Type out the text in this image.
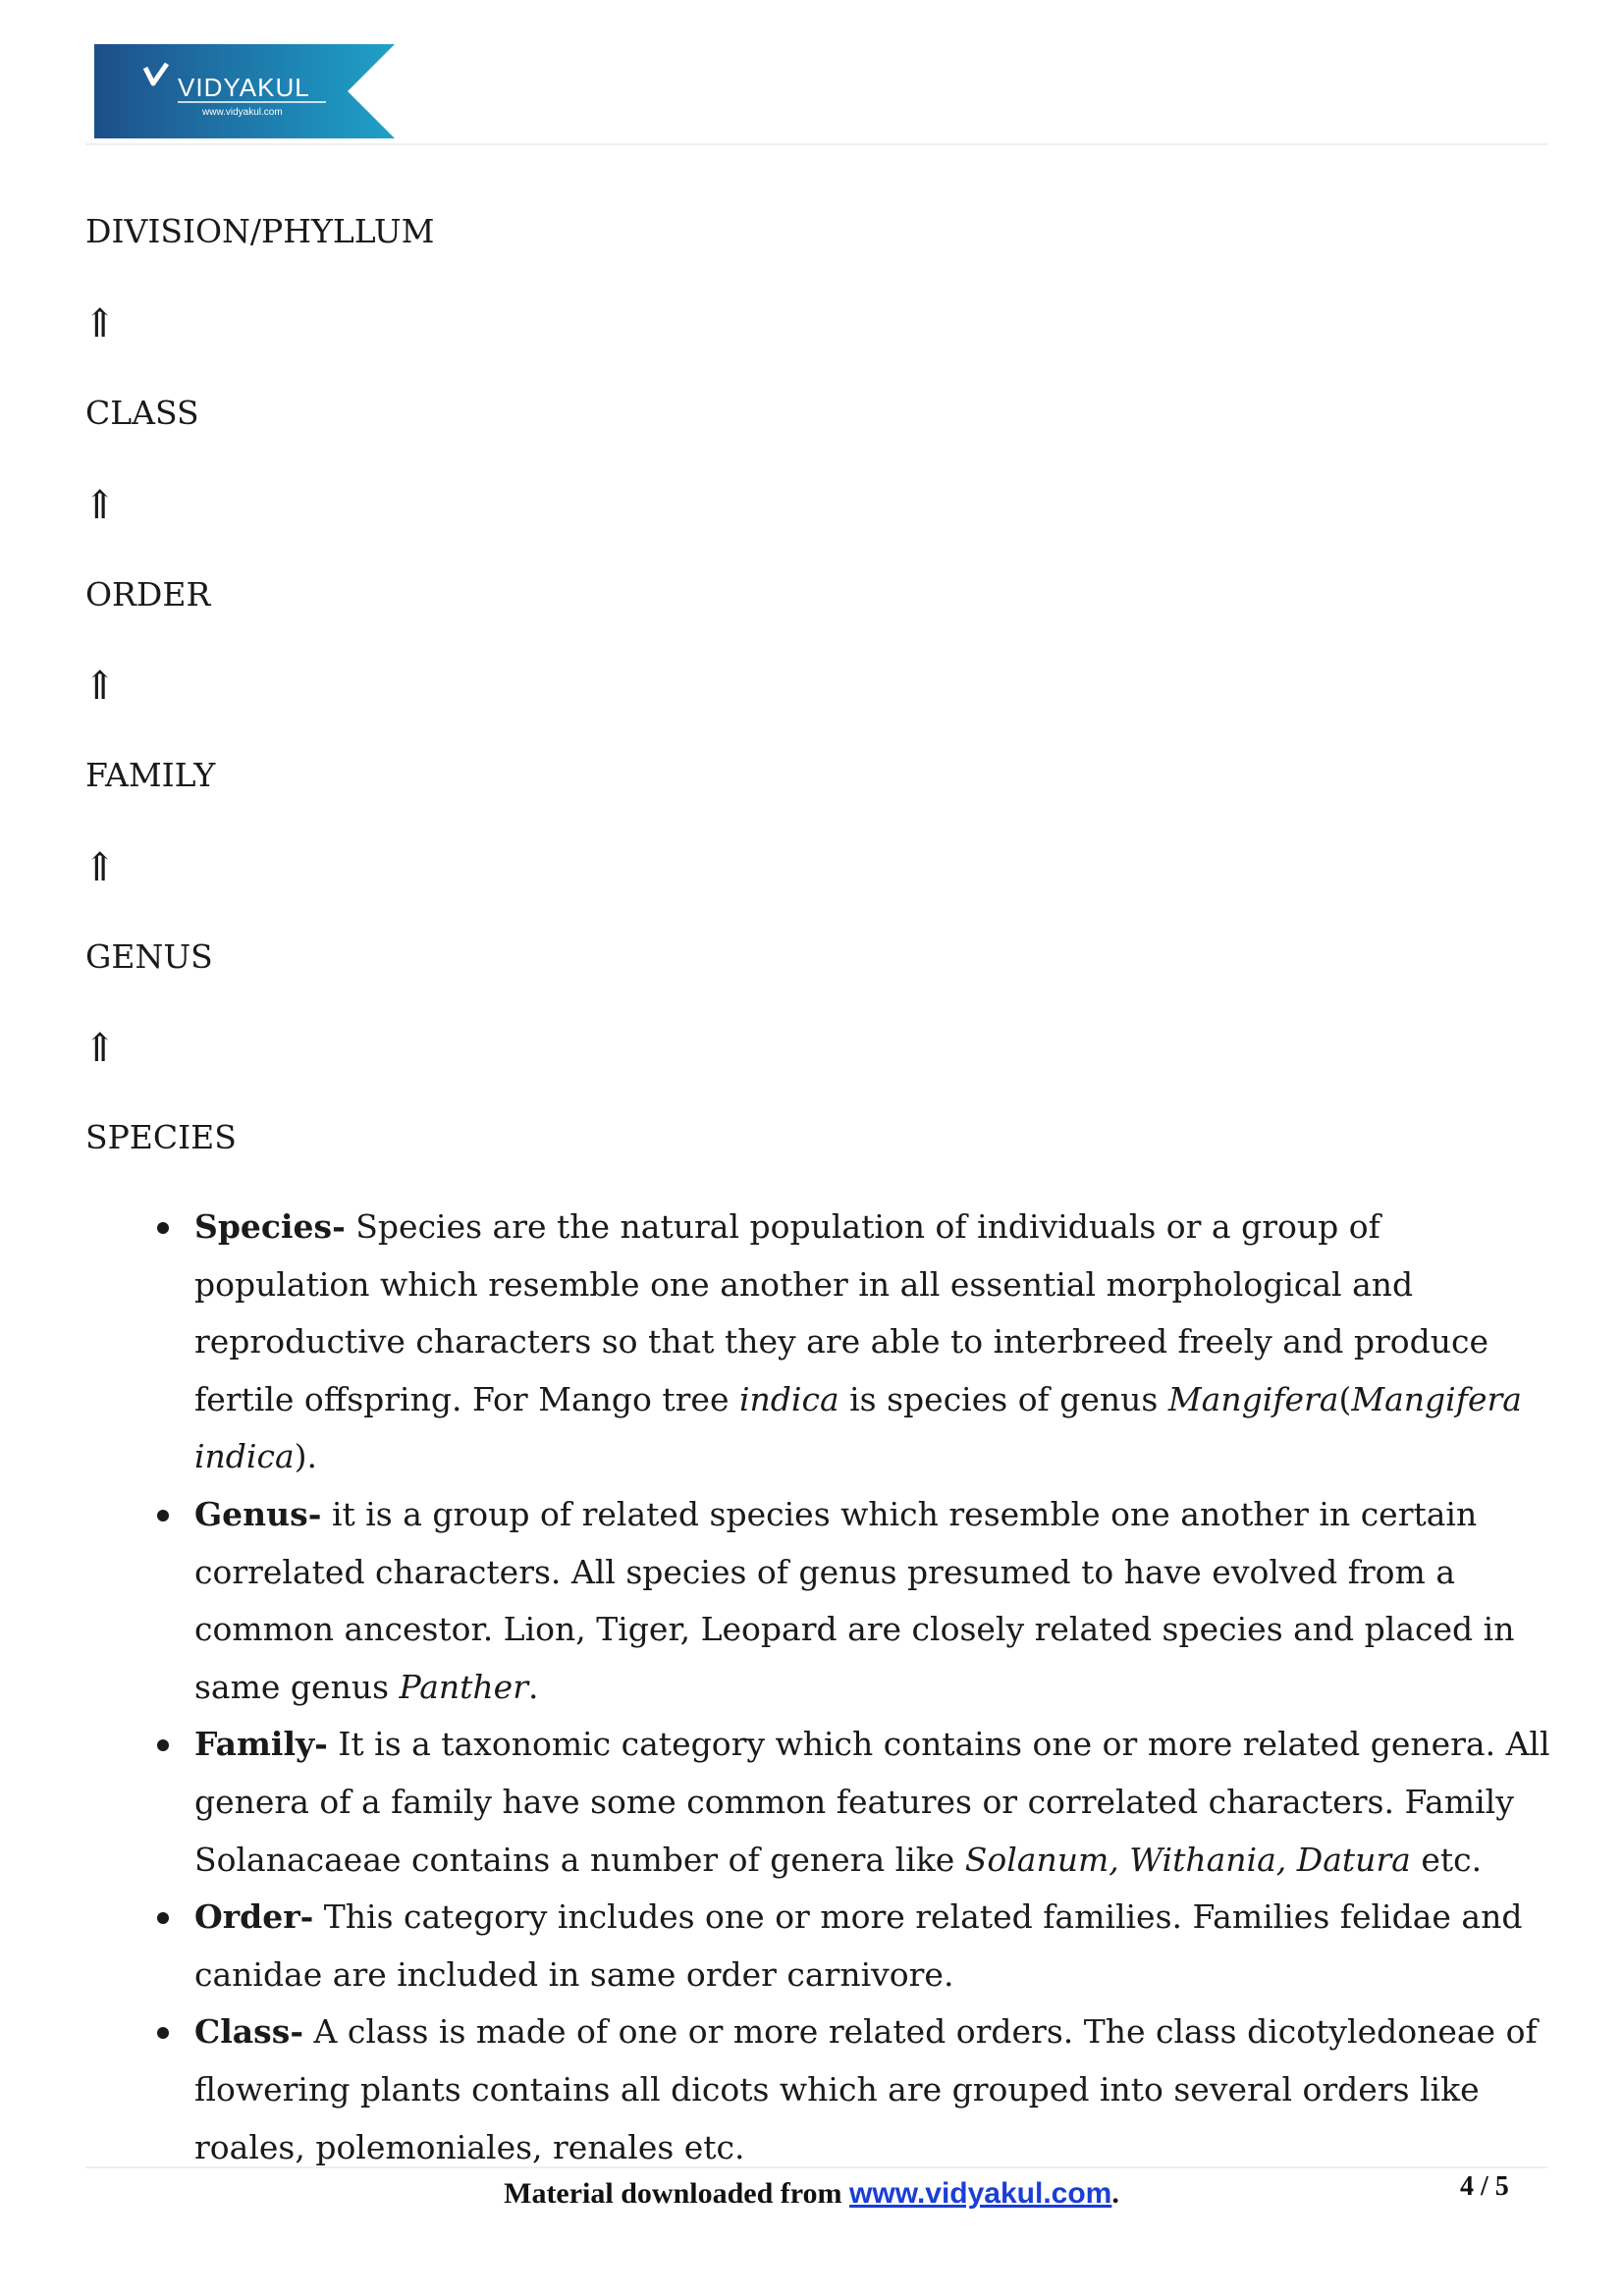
VIDYAKUL
www.vidyakul.com
DIVISION/PHYLLUM
⇑
CLASS
⇑
ORDER
⇑
FAMILY
⇑
GENUS
⇑
SPECIES
Species- Species are the natural population of individuals or a group of population which resemble one another in all essential morphological and reproductive characters so that they are able to interbreed freely and produce fertile offspring. For Mango tree indica is species of genus Mangifera(Mangifera indica).
Genus- it is a group of related species which resemble one another in certain correlated characters. All species of genus presumed to have evolved from a common ancestor. Lion, Tiger, Leopard are closely related species and placed in same genus Panther.
Family- It is a taxonomic category which contains one or more related genera. All genera of a family have some common features or correlated characters. Family Solanacaeae contains a number of genera like Solanum, Withania, Datura etc.
Order- This category includes one or more related families. Families felidae and canidae are included in same order carnivore.
Class- A class is made of one or more related orders. The class dicotyledoneae of flowering plants contains all dicots which are grouped into several orders like roales, polemoniales, renales etc.
Material downloaded from www.vidyakul.com.	4 / 5
